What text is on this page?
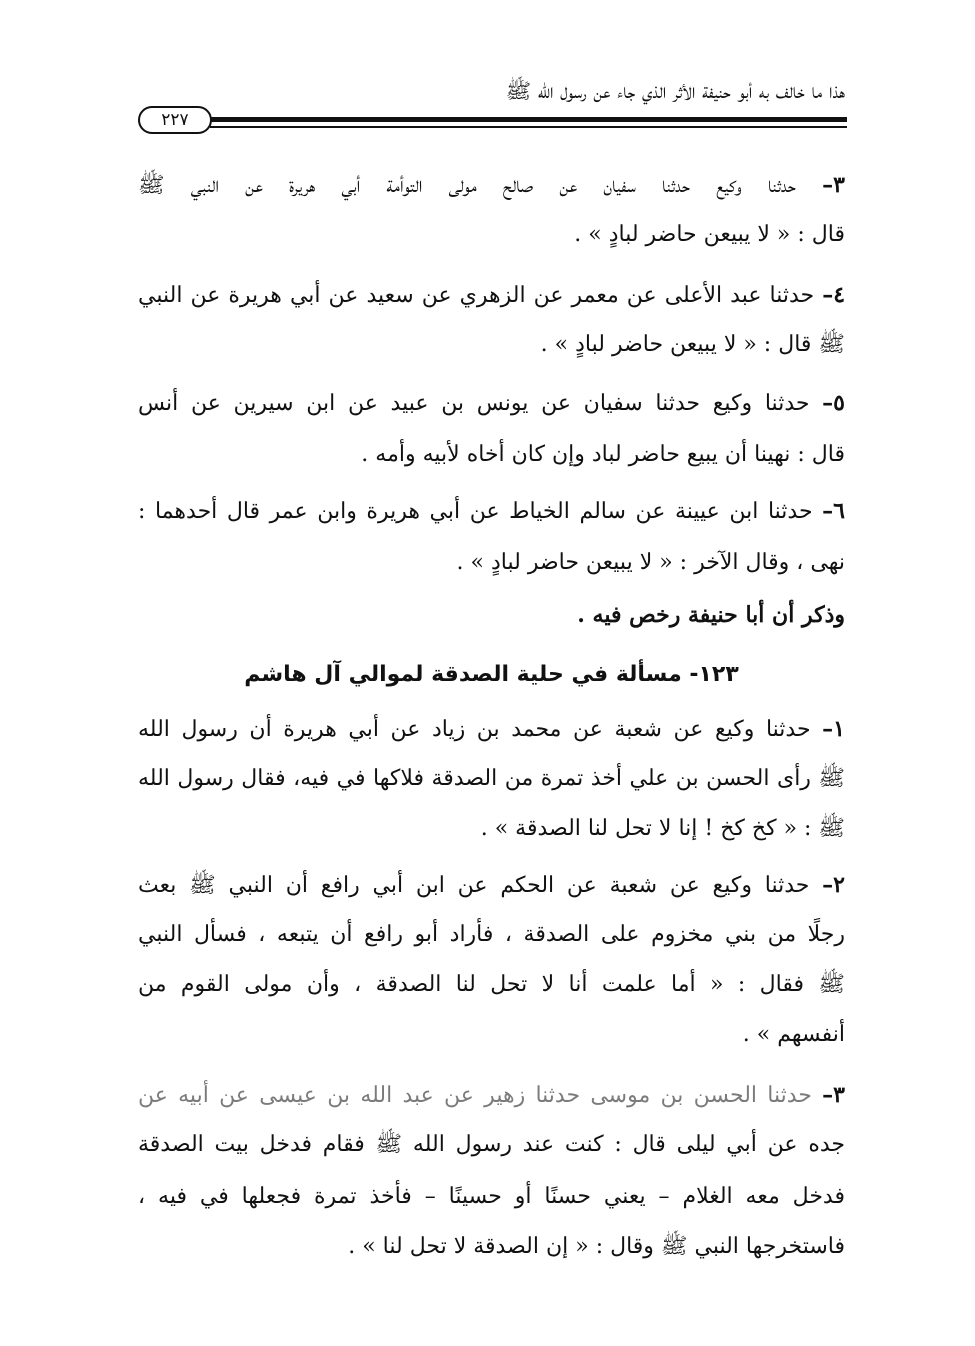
هذا ما خالف به أبو حنيفة الأثر الذي جاء عن رسول الله ﷺ
٢٢٧
٣– حدثنا وكيع حدثنا سفيان عن صالح مولى التوأمة أبي هريرة عن النبي ﷺ
قال : « لا يبيعن حاضر لبادٍ » .
٤– حدثنا عبد الأعلى عن معمر عن الزهري عن سعيد عن أبي هريرة عن النبي
ﷺ قال : « لا يبيعن حاضر لبادٍ » .
٥– حدثنا وكيع حدثنا سفيان عن يونس بن عبيد عن ابن سيرين عن أنس
قال : نهينا أن يبيع حاضر لباد وإن كان أخاه لأبيه وأمه .
٦– حدثنا ابن عيينة عن سالم الخياط عن أبي هريرة وابن عمر قال أحدهما :
نهى ، وقال الآخر : « لا يبيعن حاضر لبادٍ » .
وذكر أن أبا حنيفة رخص فيه .
١٢٣- مسألة في حلية الصدقة لموالي آل هاشم
١– حدثنا وكيع عن شعبة عن محمد بن زياد عن أبي هريرة أن رسول الله
ﷺ رأى الحسن بن علي أخذ تمرة من الصدقة فلاكها في فيه، فقال رسول الله
ﷺ : « كخ كخ ! إنا لا تحل لنا الصدقة » .
٢– حدثنا وكيع عن شعبة عن الحكم عن ابن أبي رافع أن النبي ﷺ بعث
رجلًا من بني مخزوم على الصدقة ، فأراد أبو رافع أن يتبعه ، فسأل النبي
ﷺ فقال : « أما علمت أنا لا تحل لنا الصدقة ، وأن مولى القوم من
أنفسهم » .
٣– حدثنا الحسن بن موسى حدثنا زهير عن عبد الله بن عيسى عن أبيه عن
جده عن أبي ليلى قال : كنت عند رسول الله ﷺ فقام فدخل بيت الصدقة
فدخل معه الغلام – يعني حسنًا أو حسينًا – فأخذ تمرة فجعلها في فيه ،
فاستخرجها النبي ﷺ وقال : « إن الصدقة لا تحل لنا » .
